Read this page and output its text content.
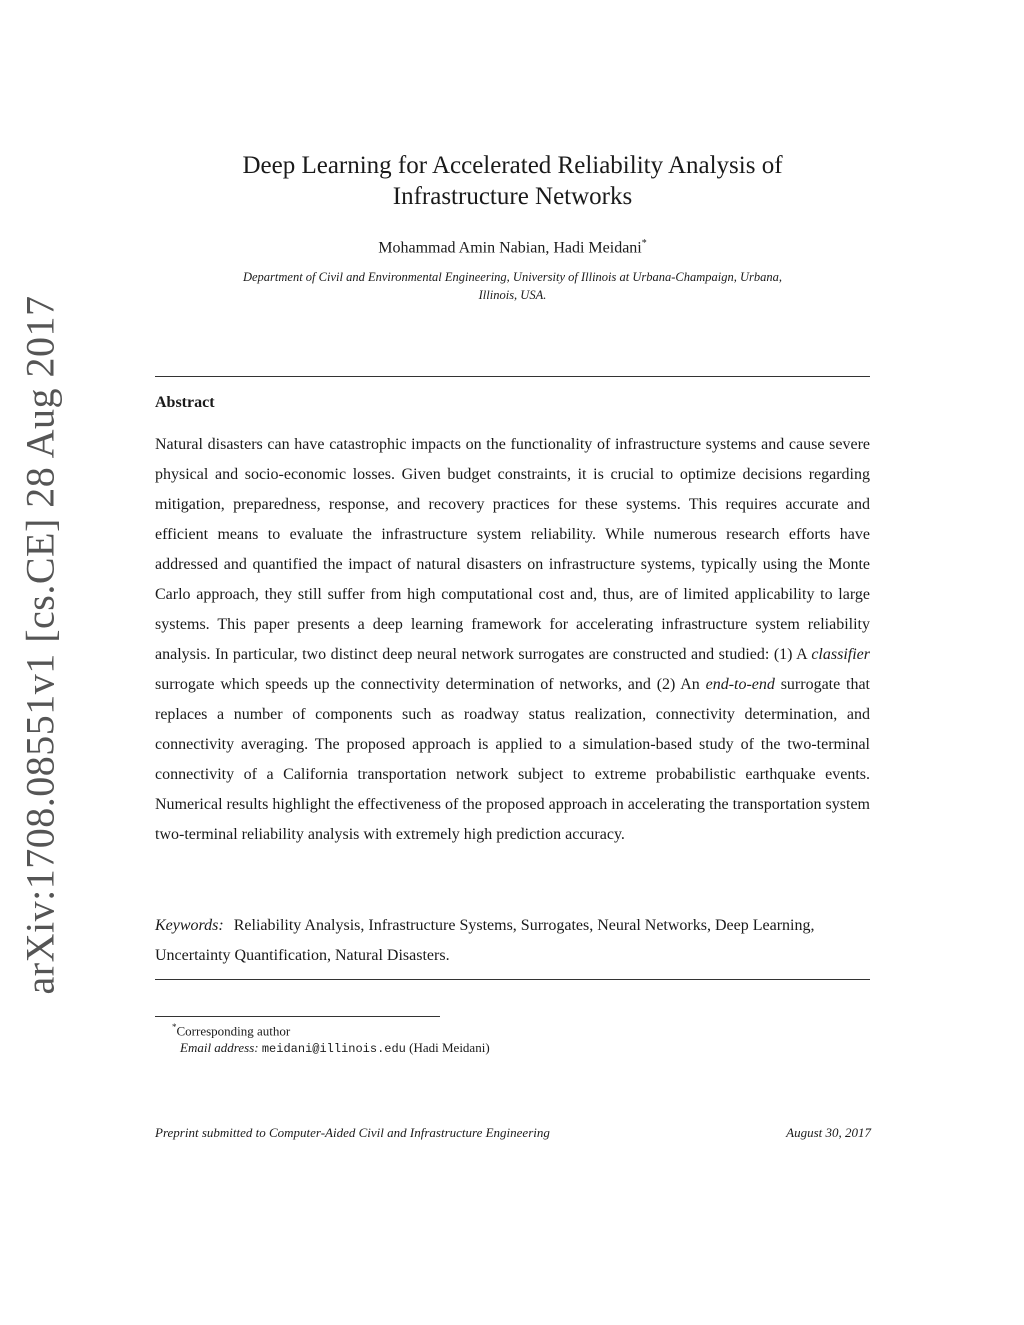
arXiv:1708.08551v1 [cs.CE] 28 Aug 2017
Deep Learning for Accelerated Reliability Analysis of
Infrastructure Networks
Mohammad Amin Nabian, Hadi Meidani*
Department of Civil and Environmental Engineering, University of Illinois at Urbana-Champaign, Urbana,
Illinois, USA.
Abstract

Natural disasters can have catastrophic impacts on the functionality of infrastructure systems and cause severe physical and socio-economic losses. Given budget constraints, it is crucial to optimize decisions regarding mitigation, preparedness, response, and recovery practices for these systems. This requires accurate and efficient means to evaluate the infrastructure system reliability. While numerous research efforts have addressed and quantified the impact of natural disasters on infrastructure systems, typically using the Monte Carlo approach, they still suffer from high computational cost and, thus, are of limited applicability to large systems. This paper presents a deep learning framework for accelerating infrastructure system reliability analysis. In particular, two distinct deep neural network surrogates are constructed and studied: (1) A classifier surrogate which speeds up the connectivity determination of networks, and (2) An end-to-end surrogate that replaces a number of components such as roadway status realization, connectivity determination, and connectivity averaging. The proposed approach is applied to a simulation-based study of the two-terminal connectivity of a California transportation network subject to extreme probabilistic earthquake events. Numerical results highlight the effectiveness of the proposed approach in accelerating the transportation system two-terminal reliability analysis with extremely high prediction accuracy.

Keywords: Reliability Analysis, Infrastructure Systems, Surrogates, Neural Networks, Deep Learning, Uncertainty Quantification, Natural Disasters.

*Corresponding author
Email address: meidani@illinois.edu (Hadi Meidani)
Preprint submitted to Computer-Aided Civil and Infrastructure Engineering	August 30, 2017
